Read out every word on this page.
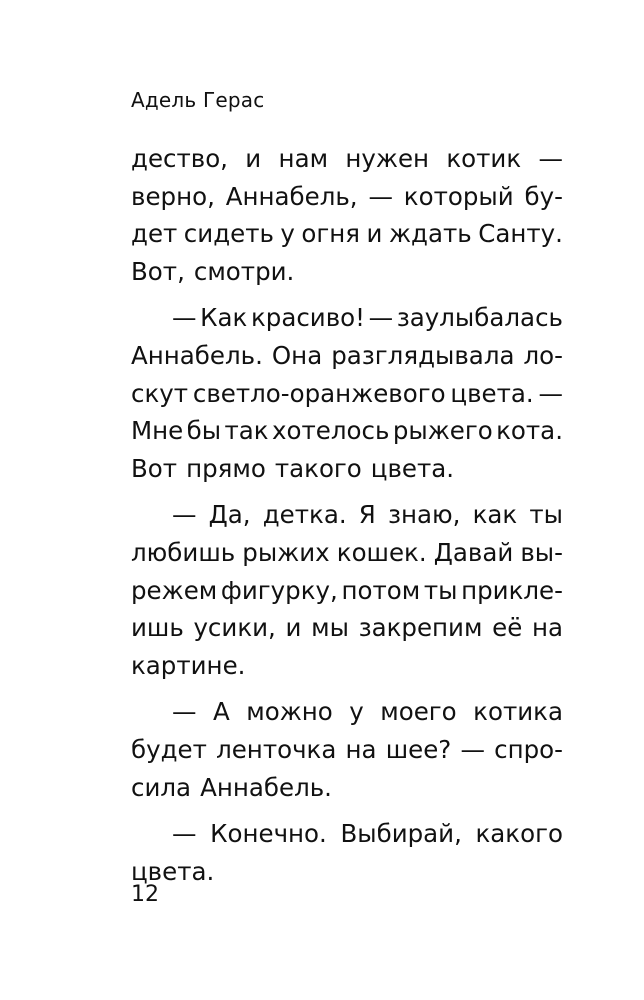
Адель Герас
дество, и нам нужен котик —
верно, Аннабель, — который бу-
дет сидеть у огня и ждать Санту.
Вот, смотри.
— Как красиво! — заулыбалась
Аннабель. Она разглядывала ло-
скут светло-оранжевого цвета. —
Мне бы так хотелось рыжего кота.
Вот прямо такого цвета.
— Да, детка. Я знаю, как ты
любишь рыжих кошек. Давай вы-
режем фигурку, потом ты прикле-
ишь усики, и мы закрепим её на
картине.
— А можно у моего котика
будет ленточка на шее? — спро-
сила Аннабель.
— Конечно. Выбирай, какого
цвета.
12
